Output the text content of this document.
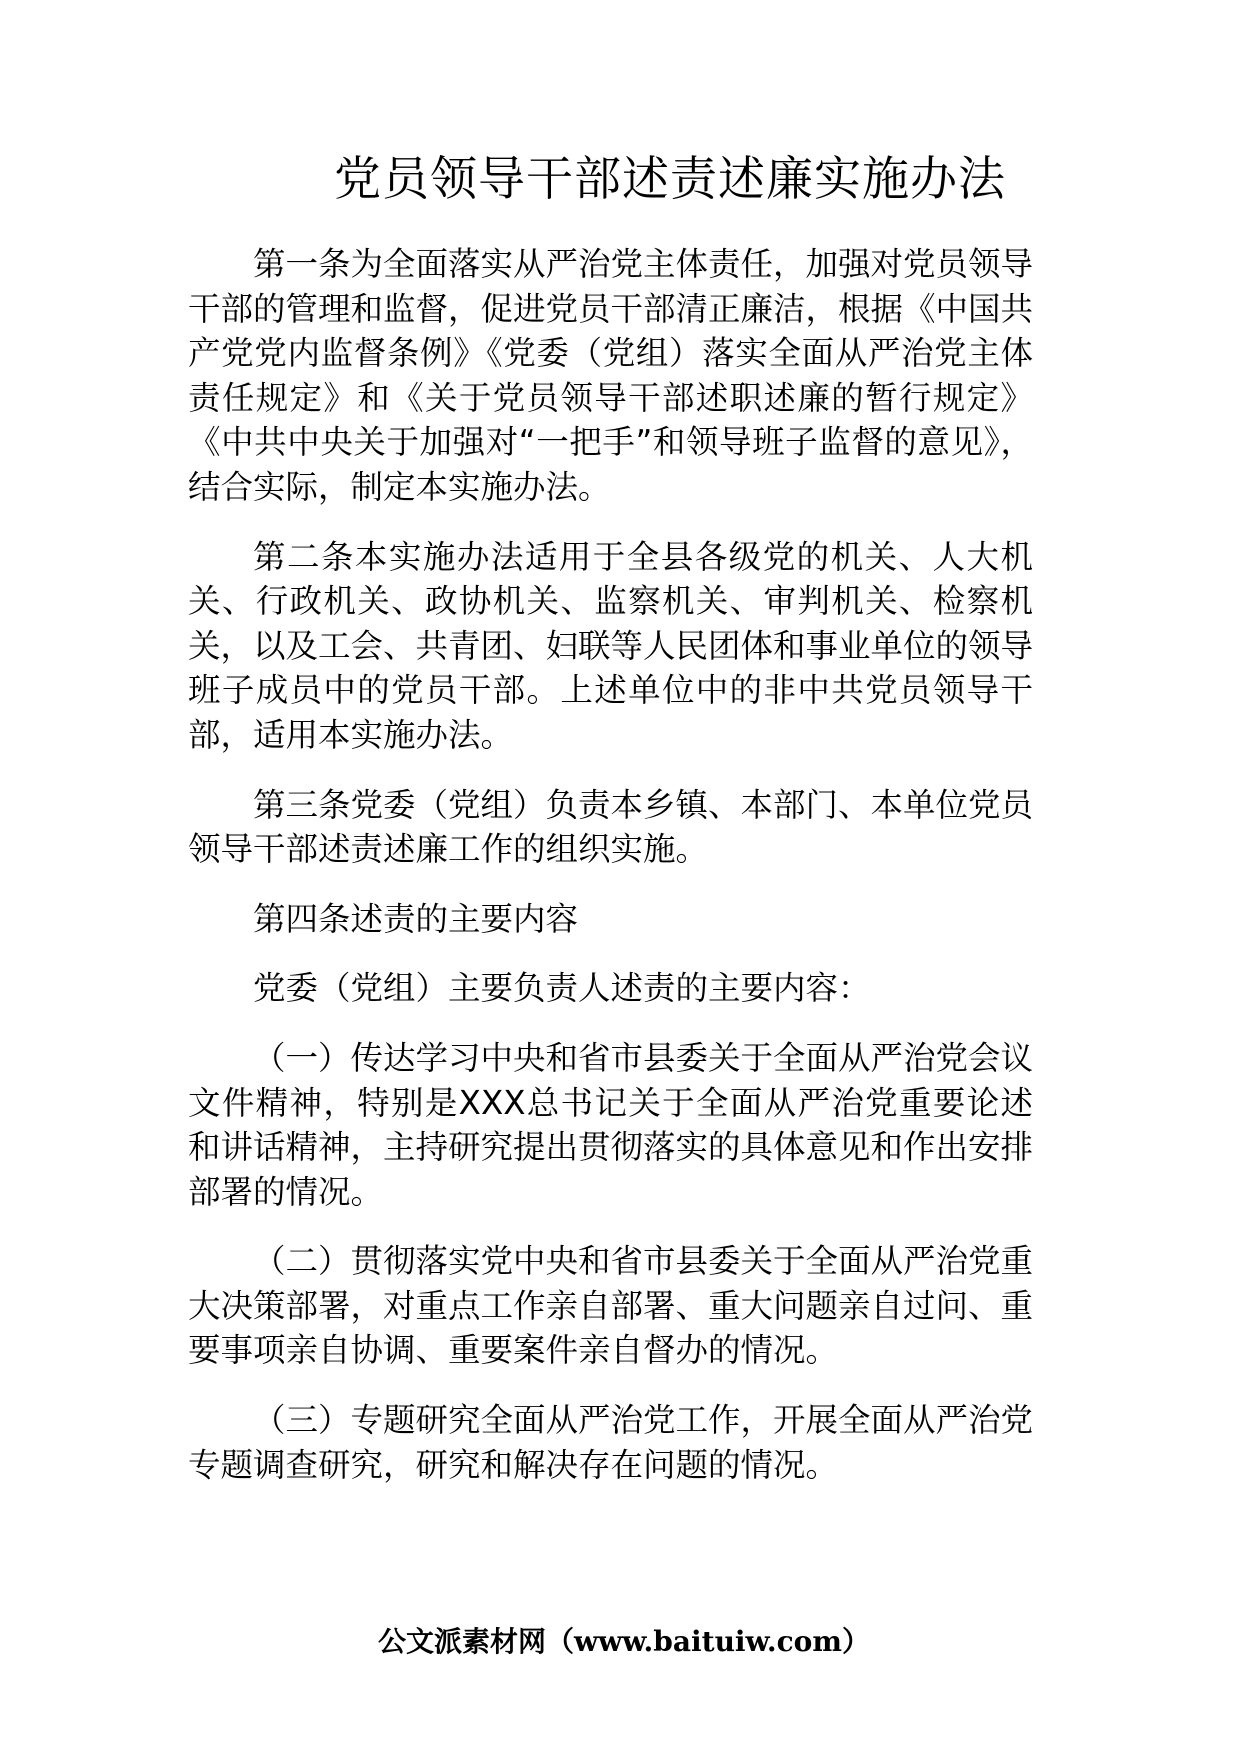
党员领导干部述责述廉实施办法

第一条为全面落实从严治党主体责任，加强对党员领导干部的管理和监督，促进党员干部清正廉洁，根据《中国共产党党内监督条例》《党委（党组）落实全面从严治党主体责任规定》和《关于党员领导干部述职述廉的暂行规定》《中共中央关于加强对“一把手”和领导班子监督的意见》，结合实际，制定本实施办法。

第二条本实施办法适用于全县各级党的机关、人大机关、行政机关、政协机关、监察机关、审判机关、检察机关，以及工会、共青团、妇联等人民团体和事业单位的领导班子成员中的党员干部。上述单位中的非中共党员领导干部，适用本实施办法。

第三条党委（党组）负责本乡镇、本部门、本单位党员领导干部述责述廉工作的组织实施。

第四条述责的主要内容

党委（党组）主要负责人述责的主要内容：

（一）传达学习中央和省市县委关于全面从严治党会议文件精神，特别是XXX总书记关于全面从严治党重要论述和讲话精神，主持研究提出贯彻落实的具体意见和作出安排部署的情况。

（二）贯彻落实党中央和省市县委关于全面从严治党重大决策部署，对重点工作亲自部署、重大问题亲自过问、重要事项亲自协调、重要案件亲自督办的情况。

（三）专题研究全面从严治党工作，开展全面从严治党专题调查研究，研究和解决存在问题的情况。

公文派素材网（www.baituiw.com）
